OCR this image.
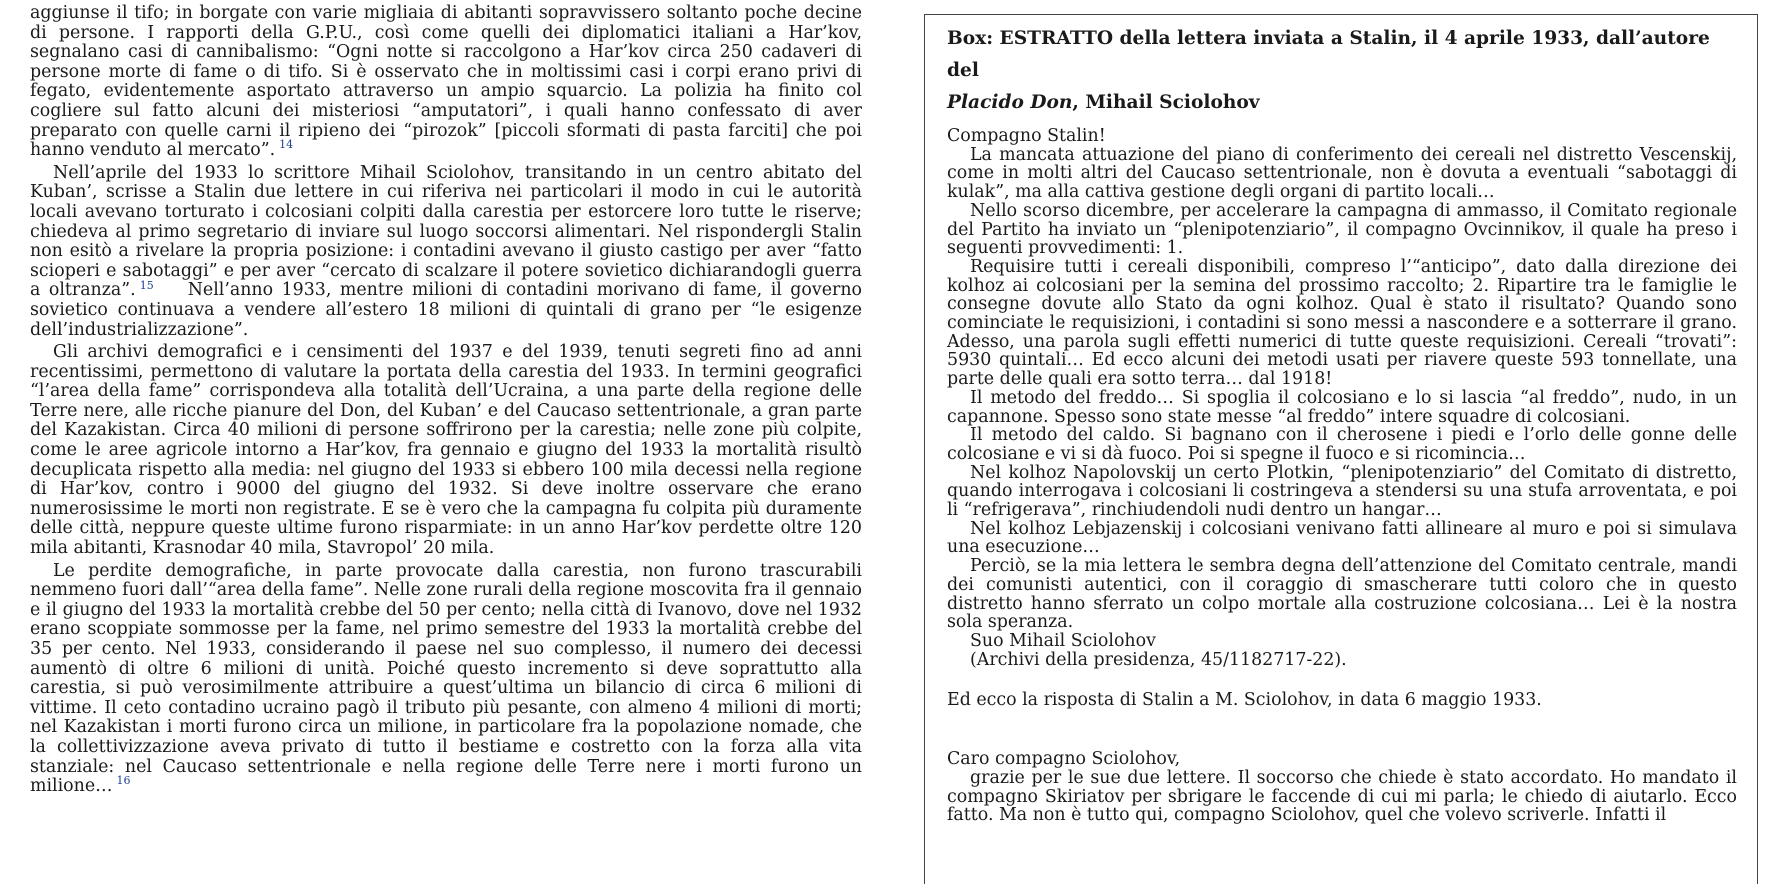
aggiunse il tifo; in borgate con varie migliaia di abitanti sopravvissero soltanto poche decine di persone. I rapporti della G.P.U., così come quelli dei diplomatici italiani a Har’kov, segnalano casi di cannibalismo: “Ogni notte si raccolgono a Har’kov circa 250 cadaveri di persone morte di fame o di tifo. Si è osservato che in moltissimi casi i corpi erano privi di fegato, evidentemente asportato attraverso un ampio squarcio. La polizia ha finito col cogliere sul fatto alcuni dei misteriosi “amputatori”, i quali hanno confessato di aver preparato con quelle carni il ripieno dei “pirozok” [piccoli sformati di pasta farciti] che poi hanno venduto al mercato”. $^{14}$

Nell’aprile del 1933 lo scrittore Mihail Sciolohov, transitando in un centro abitato del Kuban’, scrisse a Stalin due lettere in cui riferiva nei particolari il modo in cui le autorità locali avevano torturato i colcosiani colpiti dalla carestia per estorcere loro tutte le riserve; chiedeva al primo segretario di inviare sul luogo soccorsi alimentari. Nel rispondergli Stalin non esitò a rivelare la propria posizione: i contadini avevano il giusto castigo per aver “fatto scioperi e sabotaggi” e per aver “cercato di scalzare il potere sovietico dichiarandogli guerra a oltranza”. $^{15}$ Nell’anno 1933, mentre milioni di contadini morivano di fame, il governo sovietico continuava a vendere all’estero 18 milioni di quintali di grano per “le esigenze dell’industrializzazione”.

Gli archivi demografici e i censimenti del 1937 e del 1939, tenuti segreti fino ad anni recentissimi, permettono di valutare la portata della carestia del 1933. In termini geografici “l’area della fame” corrispondeva alla totalità dell’Ucraina, a una parte della regione delle Terre nere, alle ricche pianure del Don, del Kuban’ e del Caucaso settentrionale, a gran parte del Kazakistan. Circa 40 milioni di persone soffrirono per la carestia; nelle zone più colpite, come le aree agricole intorno a Har’kov, fra gennaio e giugno del 1933 la mortalità risultò decuplicata rispetto alla media: nel giugno del 1933 si ebbero 100 mila decessi nella regione di Har’kov, contro i 9000 del giugno del 1932. Si deve inoltre osservare che erano numerosissime le morti non registrate. E se è vero che la campagna fu colpita più duramente delle città, neppure queste ultime furono risparmiate: in un anno Har’kov perdette oltre 120 mila abitanti, Krasnodar 40 mila, Stavropol’ 20 mila.

Le perdite demografiche, in parte provocate dalla carestia, non furono trascurabili nemmeno fuori dall’“area della fame”. Nelle zone rurali della regione moscovita fra il gennaio e il giugno del 1933 la mortalità crebbe del 50 per cento; nella città di Ivanovo, dove nel 1932 erano scoppiate sommosse per la fame, nel primo semestre del 1933 la mortalità crebbe del 35 per cento. Nel 1933, considerando il paese nel suo complesso, il numero dei decessi aumentò di oltre 6 milioni di unità. Poiché questo incremento si deve soprattutto alla carestia, si può verosimilmente attribuire a quest’ultima un bilancio di circa 6 milioni di vittime. Il ceto contadino ucraino pagò il tributo più pesante, con almeno 4 milioni di morti; nel Kazakistan i morti furono circa un milione, in particolare fra la popolazione nomade, che la collettivizzazione aveva privato di tutto il bestiame e costretto con la forza alla vita stanziale: nel Caucaso settentrionale e nella regione delle Terre nere i morti furono un milione… $^{16}$

Box: ESTRATTO della lettera inviata a Stalin, il 4 aprile 1933, dall’autore del
Placido Don, Mihail Sciolohov

Compagno Stalin!

La mancata attuazione del piano di conferimento dei cereali nel distretto Vescenskij, come in molti altri del Caucaso settentrionale, non è dovuta a eventuali “sabotaggi di kulak”, ma alla cattiva gestione degli organi di partito locali…

Nello scorso dicembre, per accelerare la campagna di ammasso, il Comitato regionale del Partito ha inviato un “plenipotenziario”, il compagno Ovcinnikov, il quale ha preso i seguenti provvedimenti: 1.

Requisire tutti i cereali disponibili, compreso l’“anticipo”, dato dalla direzione dei kolhoz ai colcosiani per la semina del prossimo raccolto; 2. Ripartire tra le famiglie le consegne dovute allo Stato da ogni kolhoz. Qual è stato il risultato? Quando sono cominciate le requisizioni, i contadini si sono messi a nascondere e a sotterrare il grano. Adesso, una parola sugli effetti numerici di tutte queste requisizioni. Cereali “trovati”: 5930 quintali… Ed ecco alcuni dei metodi usati per riavere queste 593 tonnellate, una parte delle quali era sotto terra… dal 1918!

Il metodo del freddo… Si spoglia il colcosiano e lo si lascia “al freddo”, nudo, in un capannone. Spesso sono state messe “al freddo” intere squadre di colcosiani.

Il metodo del caldo. Si bagnano con il cherosene i piedi e l’orlo delle gonne delle colcosiane e vi si dà fuoco. Poi si spegne il fuoco e si ricomincia…

Nel kolhoz Napolovskij un certo Plotkin, “plenipotenziario” del Comitato di distretto, quando interrogava i colcosiani li costringeva a stendersi su una stufa arroventata, e poi li “refrigerava”, rinchiudendoli nudi dentro un hangar…

Nel kolhoz Lebjazenskij i colcosiani venivano fatti allineare al muro e poi si simulava una esecuzione…

Perciò, se la mia lettera le sembra degna dell’attenzione del Comitato centrale, mandi dei comunisti autentici, con il coraggio di smascherare tutti coloro che in questo distretto hanno sferrato un colpo mortale alla costruzione colcosiana… Lei è la nostra sola speranza.

Suo Mihail Sciolohov

(Archivi della presidenza, 45/1182717-22).

Ed ecco la risposta di Stalin a M. Sciolohov, in data 6 maggio 1933.

Caro compagno Sciolohov,

grazie per le sue due lettere. Il soccorso che chiede è stato accordato. Ho mandato il compagno Skiriatov per sbrigare le faccende di cui mi parla; le chiedo di aiutarlo. Ecco fatto. Ma non è tutto qui, compagno Sciolohov, quel che volevo scriverle. Infatti il
